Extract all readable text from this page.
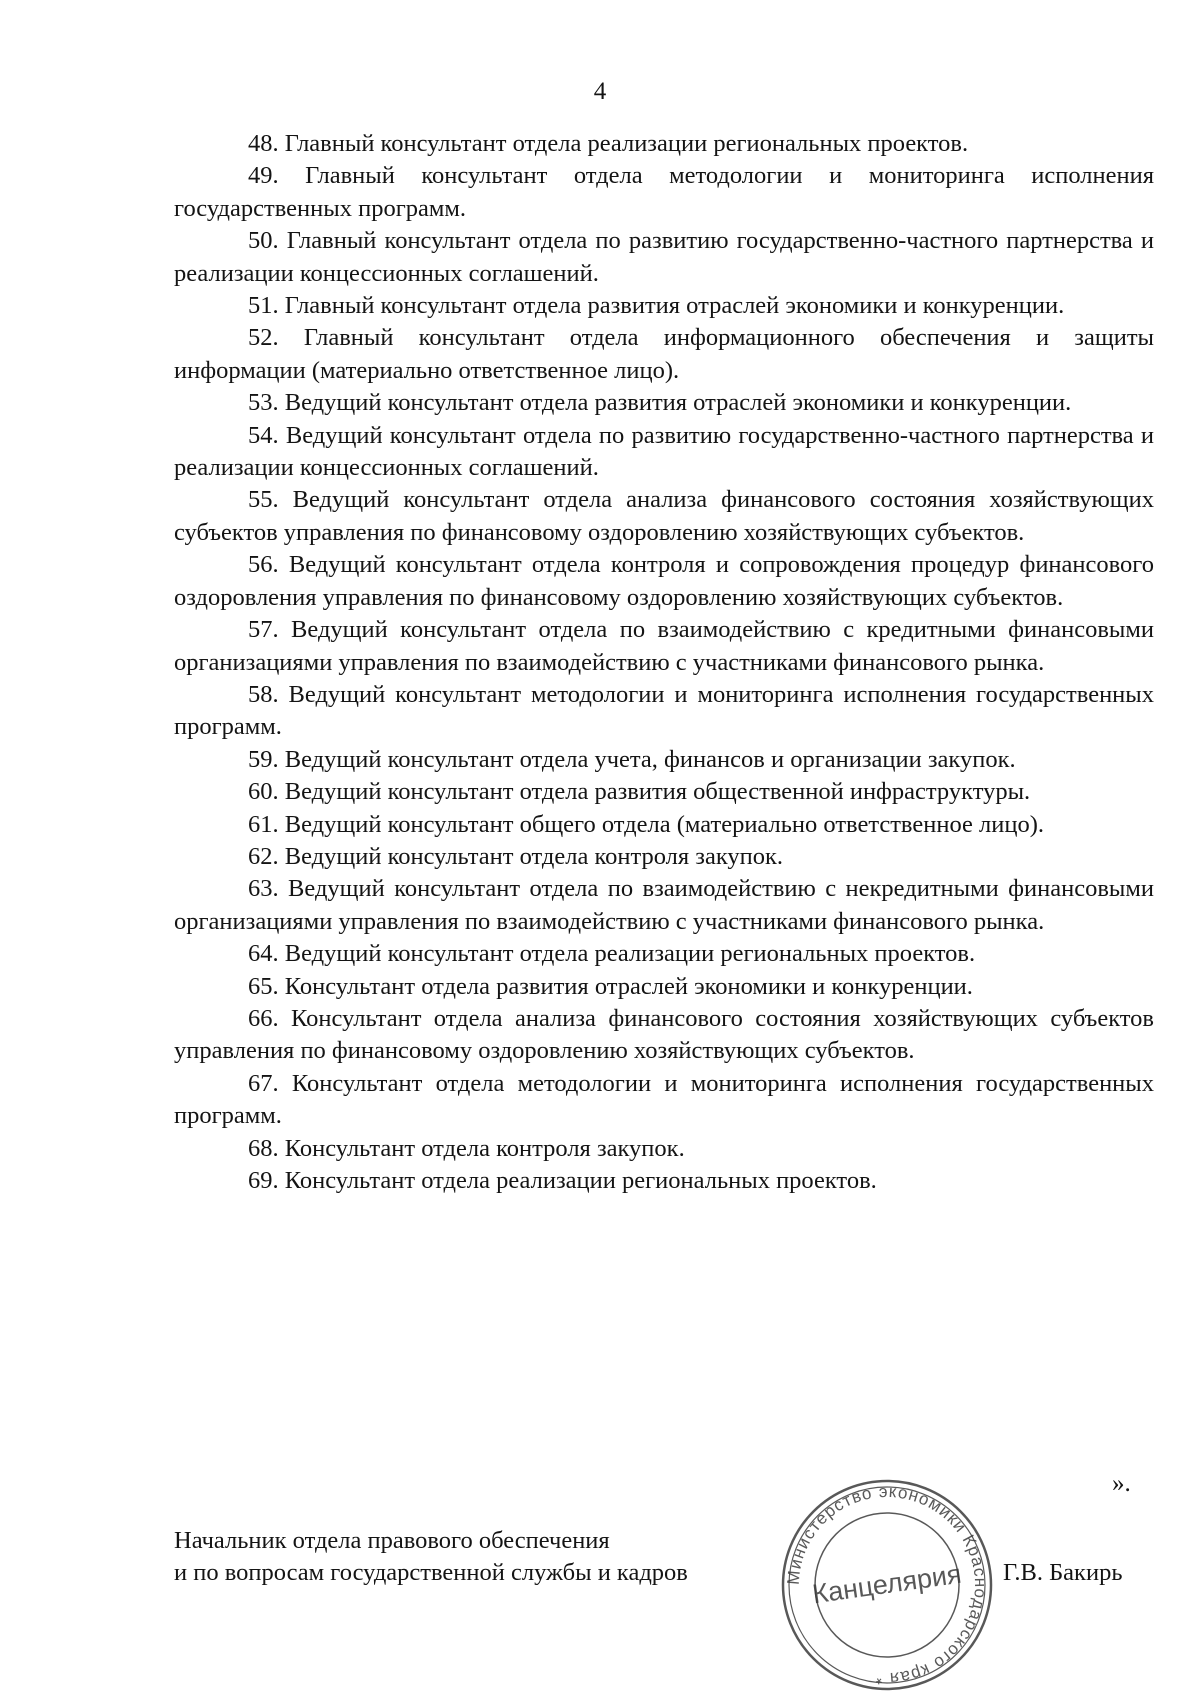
4

48. Главный консультант отдела реализации региональных проектов.

49. Главный консультант отдела методологии и мониторинга исполнения государственных программ.

50. Главный консультант отдела по развитию государственно-частного партнерства и реализации концессионных соглашений.

51. Главный консультант отдела развития отраслей экономики и конкуренции.

52. Главный консультант отдела информационного обеспечения и защиты информации (материально ответственное лицо).

53. Ведущий консультант отдела развития отраслей экономики и конкуренции.

54. Ведущий консультант отдела по развитию государственно-частного партнерства и реализации концессионных соглашений.

55. Ведущий консультант отдела анализа финансового состояния хозяйствующих субъектов управления по финансовому оздоровлению хозяйствующих субъектов.

56. Ведущий консультант отдела контроля и сопровождения процедур финансового оздоровления управления по финансовому оздоровлению хозяйствующих субъектов.

57. Ведущий консультант отдела по взаимодействию с кредитными финансовыми организациями управления по взаимодействию с участниками финансового рынка.

58. Ведущий консультант методологии и мониторинга исполнения государственных программ.

59. Ведущий консультант отдела учета, финансов и организации закупок.

60. Ведущий консультант отдела развития общественной инфраструктуры.

61. Ведущий консультант общего отдела (материально ответственное лицо).

62. Ведущий консультант отдела контроля закупок.

63. Ведущий консультант отдела по взаимодействию с некредитными финансовыми организациями управления по взаимодействию с участниками финансового рынка.

64. Ведущий консультант отдела реализации региональных проектов.

65. Консультант отдела развития отраслей экономики и конкуренции.

66. Консультант отдела анализа финансового состояния хозяйствующих субъектов управления по финансовому оздоровлению хозяйствующих субъектов.

67. Консультант отдела методологии и мониторинга исполнения государственных программ.

68. Консультант отдела контроля закупок.

69. Консультант отдела реализации региональных проектов.

».
Начальник отдела правового обеспечения
и по вопросам государственной службы и кадров	Министерство экономики Краснодарского края *
Канцелярия Г.В. Бакирь
